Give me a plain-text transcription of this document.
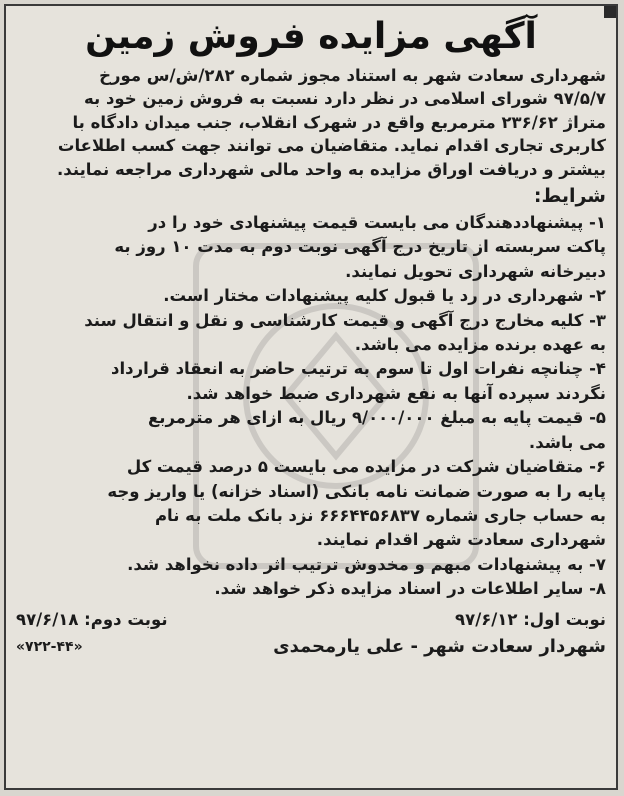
آگهی مزایده فروش زمین

شهرداری سعادت شهر به استناد مجوز شماره ۲۸۲/ش/س مورخ

۹۷/۵/۷ شورای اسلامی در نظر دارد نسبت به فروش زمین خود به

متراژ ۲۳۶/۶۲ مترمربع واقع در شهرک انقلاب، جنب میدان دادگاه با

کاربری تجاری اقدام نماید. متقاضیان می توانند جهت کسب اطلاعات

بیشتر و دریافت اوراق مزایده به واحد مالی شهرداری مراجعه نمایند.

شرایط:

۱- پیشنهاددهندگان می بایست قیمت پیشنهادی خود را در

پاکت سربسته از تاریخ درج آگهی نوبت دوم به مدت ۱۰ روز به

دبیرخانه شهرداری تحویل نمایند.

۲- شهرداری در رد یا قبول کلیه پیشنهادات مختار است.

۳- کلیه مخارج درج آگهی و قیمت کارشناسی و نقل و انتقال سند

به عهده برنده مزایده می باشد.

۴- چنانچه نفرات اول تا سوم به ترتیب حاضر به انعقاد قرارداد

نگردند سپرده آنها به نفع شهرداری ضبط خواهد شد.

۵- قیمت پایه به مبلغ ۹/۰۰۰/۰۰۰ ریال به ازای هر مترمربع

می باشد.

۶- متقاضیان شرکت در مزایده می بایست ۵ درصد قیمت کل

پایه را به صورت ضمانت نامه بانکی (اسناد خزانه) یا واریز وجه

به حساب جاری شماره ۶۶۶۴۴۵۶۸۳۷ نزد بانک ملت به نام

شهرداری سعادت شهر اقدام نمایند.

۷- به پیشنهادات مبهم و مخدوش ترتیب اثر داده نخواهد شد.

۸- سایر اطلاعات در اسناد مزایده ذکر خواهد شد.

نوبت اول: ۹۷/۶/۱۲
نوبت دوم: ۹۷/۶/۱۸
شهردار سعادت شهر - علی یارمحمدی
«۷۲۲-۴۴»
